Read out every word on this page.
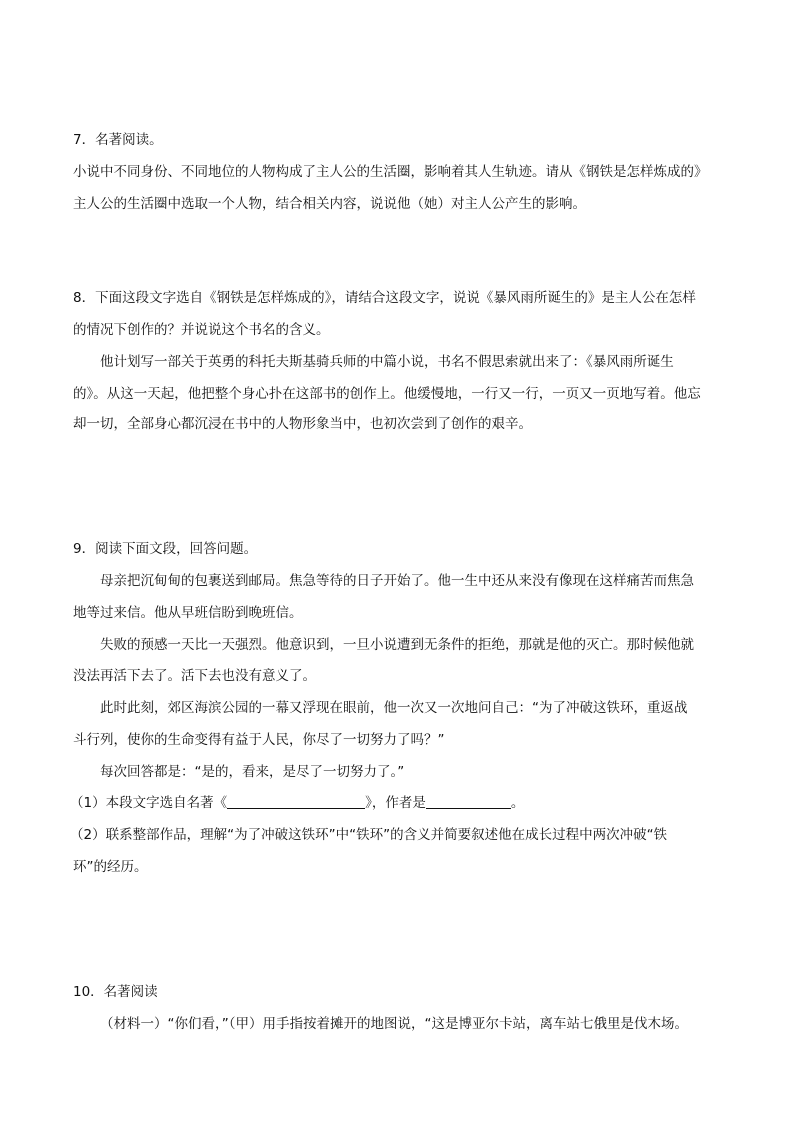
7．名著阅读。
小说中不同身份、不同地位的人物构成了主人公的生活圈，影响着其人生轨迹。请从《钢铁是怎样炼成的》
主人公的生活圈中选取一个人物，结合相关内容，说说他（她）对主人公产生的影响。
8．下面这段文字选自《钢铁是怎样炼成的》，请结合这段文字，说说《暴风雨所诞生的》是主人公在怎样
的情况下创作的？并说说这个书名的含义。
他计划写一部关于英勇的科托夫斯基骑兵师的中篇小说，书名不假思索就出来了：《暴风雨所诞生
的》。从这一天起，他把整个身心扑在这部书的创作上。他缓慢地，一行又一行，一页又一页地写着。他忘
却一切，全部身心都沉浸在书中的人物形象当中，也初次尝到了创作的艰辛。
9．阅读下面文段，回答问题。
母亲把沉甸甸的包裹送到邮局。焦急等待的日子开始了。他一生中还从来没有像现在这样痛苦而焦急
地等过来信。他从早班信盼到晚班信。
失败的预感一天比一天强烈。他意识到，一旦小说遭到无条件的拒绝，那就是他的灭亡。那时候他就
没法再活下去了。活下去也没有意义了。
此时此刻，郊区海滨公园的一幕又浮现在眼前，他一次又一次地问自己：“为了冲破这铁环，重返战
斗行列，使你的生命变得有益于人民，你尽了一切努力了吗？”
每次回答都是：“是的，看来，是尽了一切努力了。”
（1）本段文字选自名著《	》，作者是	。
（2）联系整部作品，理解“为了冲破这铁环”中“铁环”的含义并简要叙述他在成长过程中两次冲破“铁
环”的经历。
10．名著阅读
（材料一）“你们看，”（甲）用手指按着摊开的地图说，“这是博亚尔卡站，离车站七俄里是伐木场。
